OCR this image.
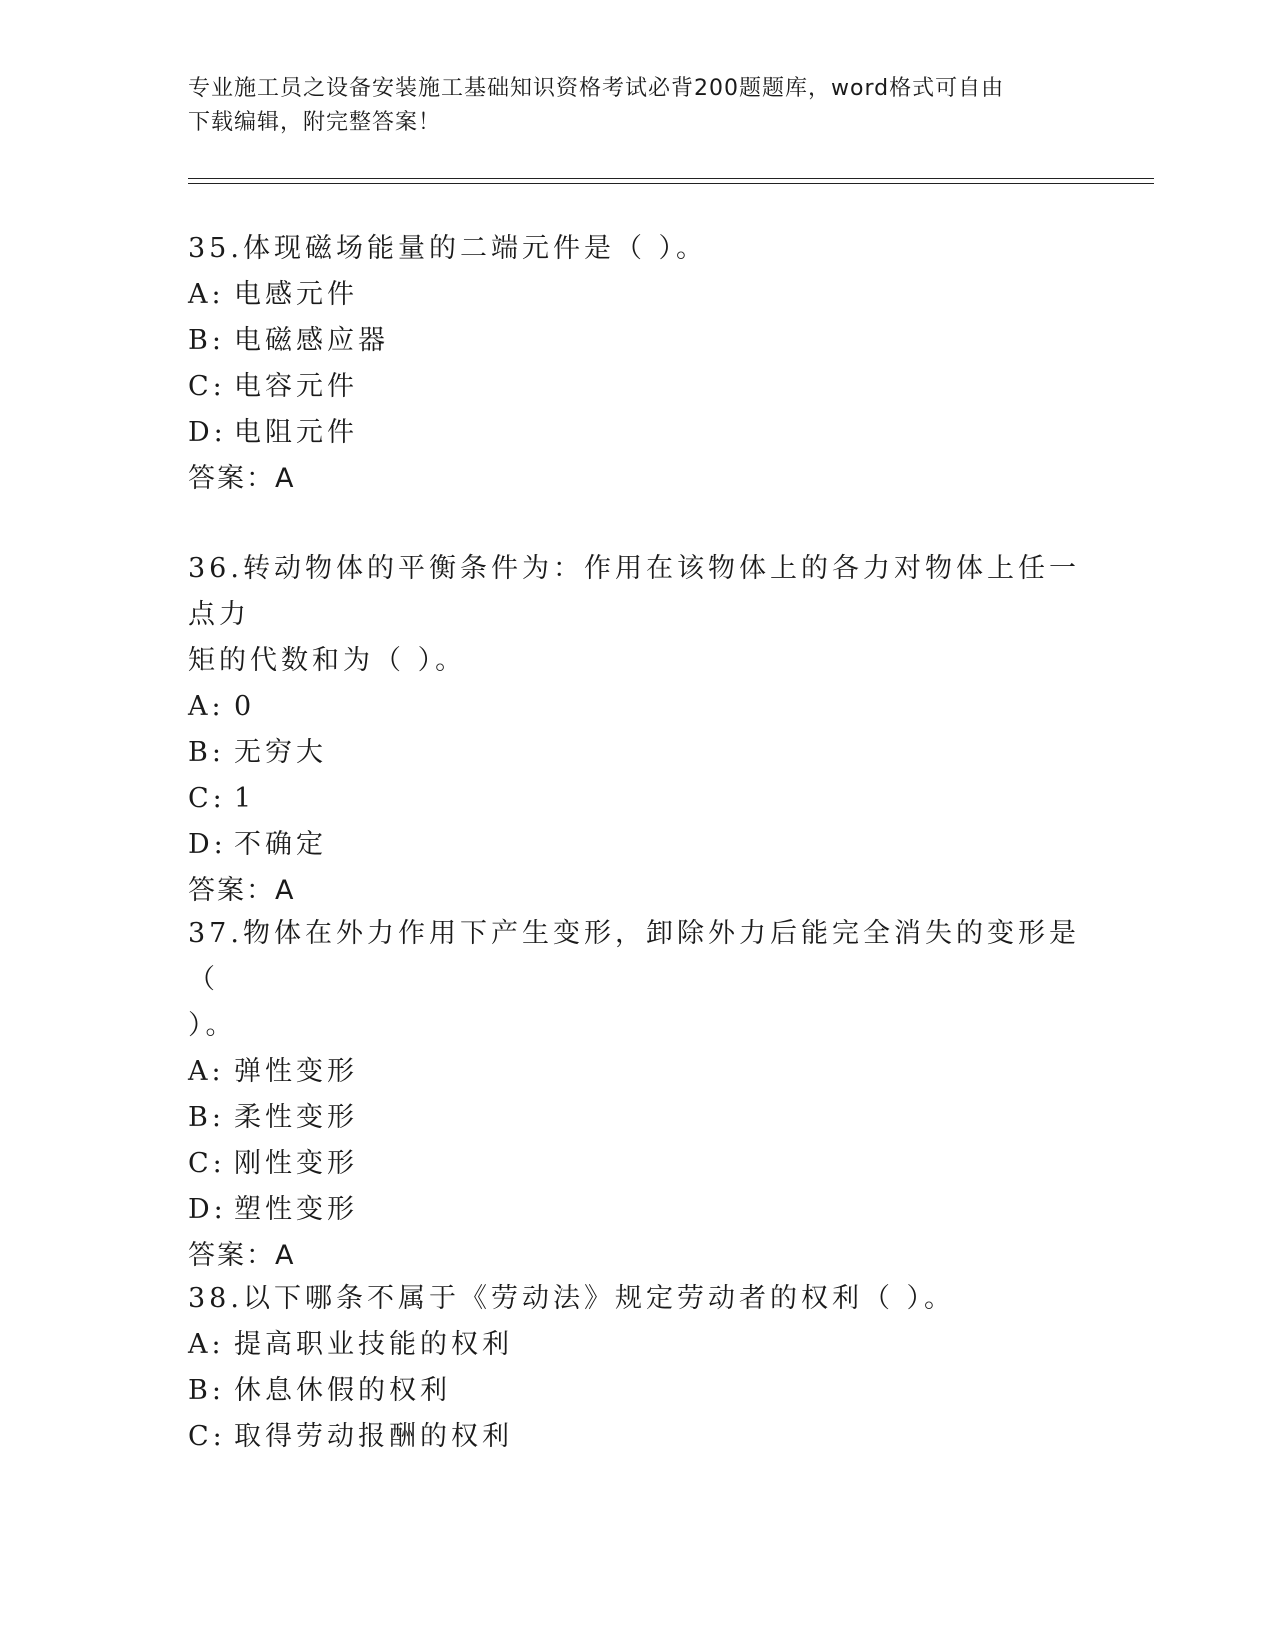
专业施工员之设备安装施工基础知识资格考试必背200题题库，word格式可自由
下载编辑，附完整答案！

35.体现磁场能量的二端元件是（ ）。

A: 电感元件

B: 电磁感应器

C: 电容元件

D: 电阻元件

答案：A

36.转动物体的平衡条件为：作用在该物体上的各力对物体上任一点力

矩的代数和为（ ）。

A: 0

B: 无穷大

C: 1

D: 不确定

答案：A

37.物体在外力作用下产生变形，卸除外力后能完全消失的变形是（

）。

A: 弹性变形

B: 柔性变形

C: 刚性变形

D: 塑性变形

答案：A

38.以下哪条不属于《劳动法》规定劳动者的权利（ ）。

A: 提高职业技能的权利

B: 休息休假的权利

C: 取得劳动报酬的权利
